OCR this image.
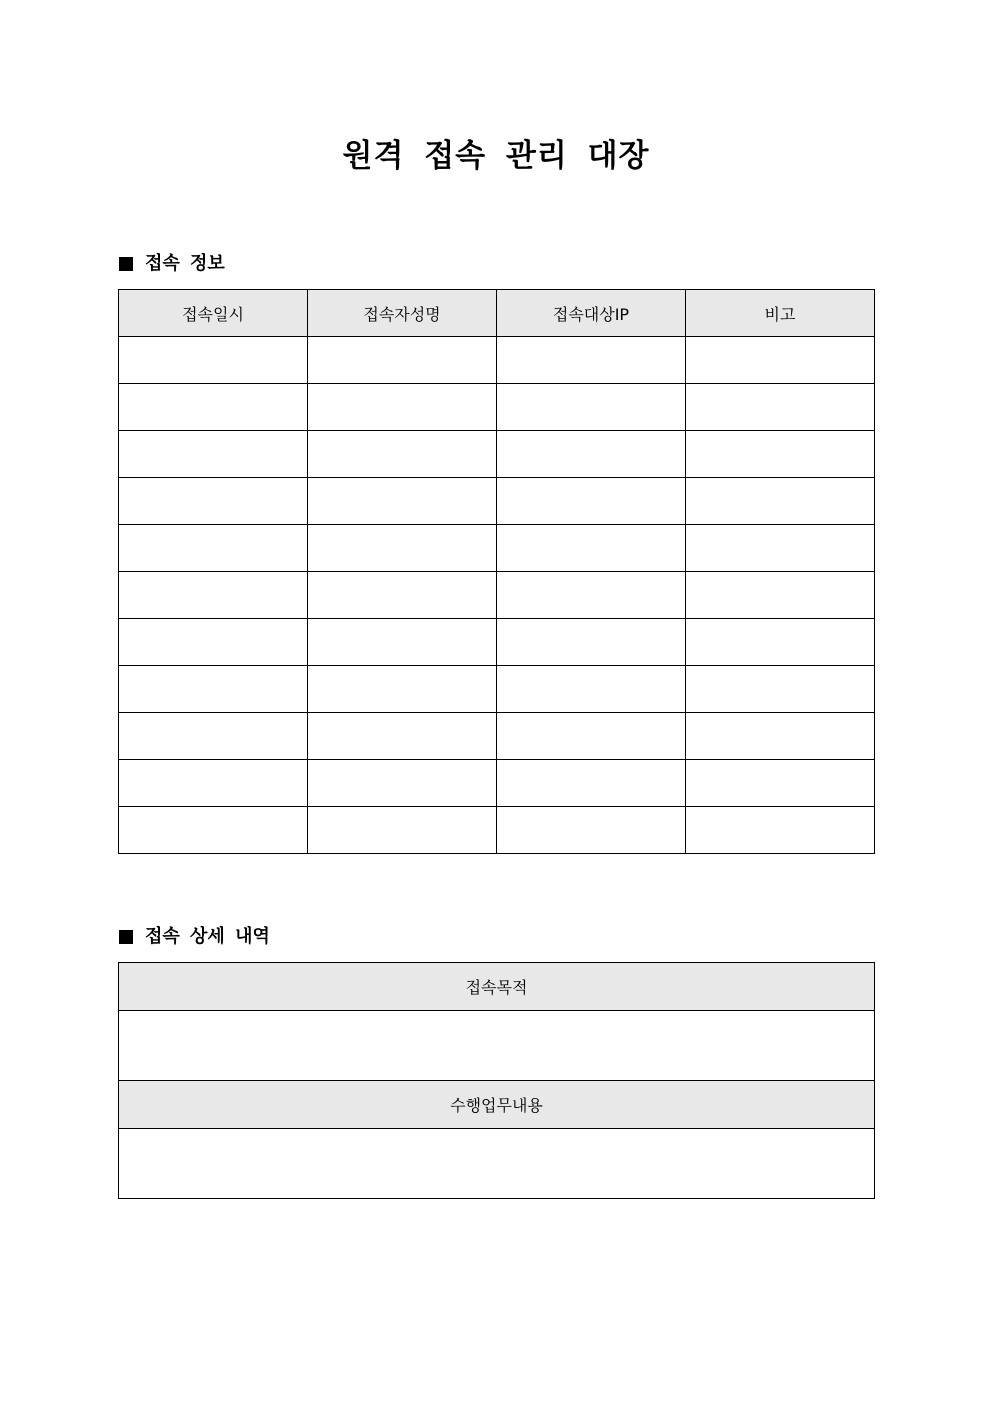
원격 접속 관리 대장
접속 정보
접속일시	접속자성명	접속대상IP	비고

접속 상세 내역
접속목적

수행업무내용
